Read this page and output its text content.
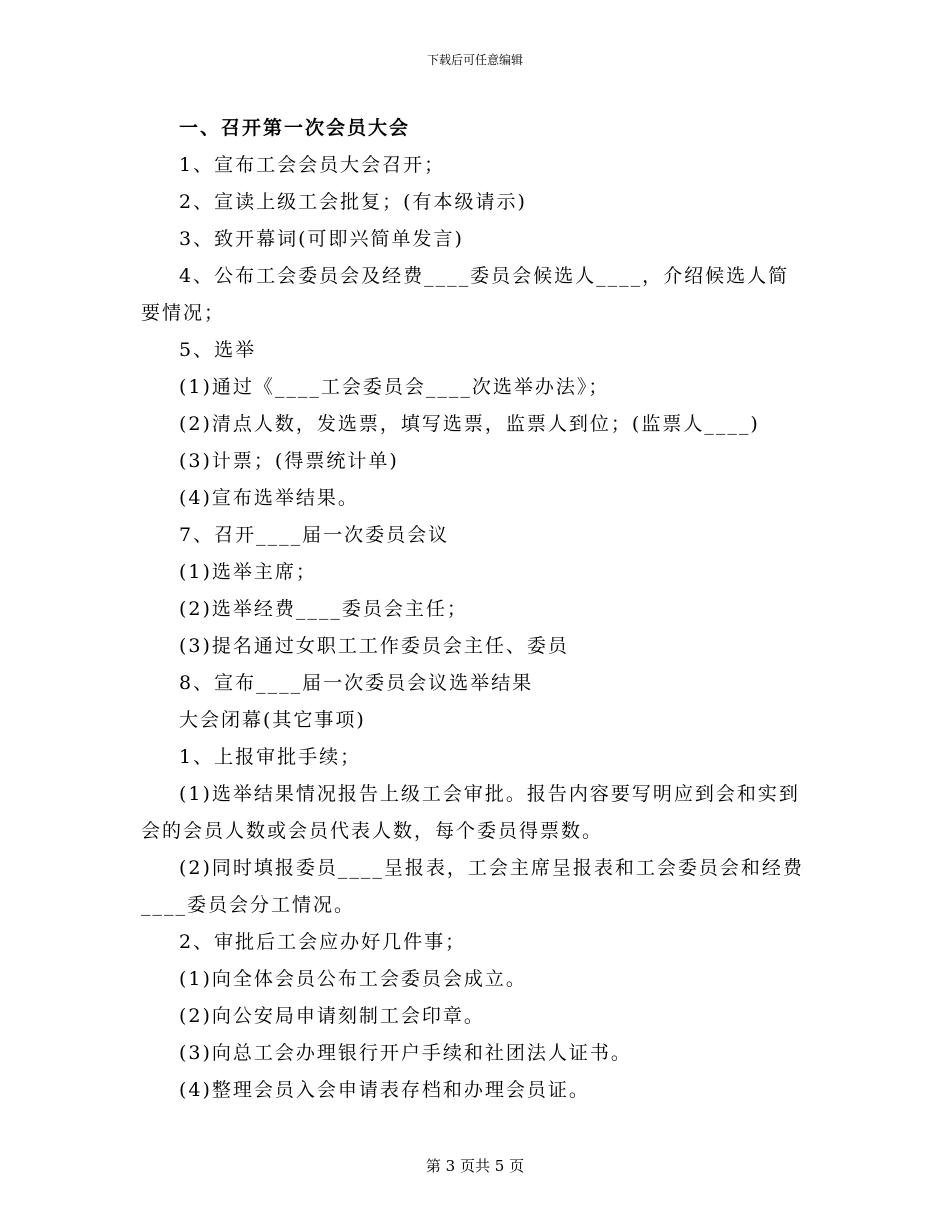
下载后可任意编辑

一、召开第一次会员大会

1、宣布工会会员大会召开；

2、宣读上级工会批复；(有本级请示)

3、致开幕词(可即兴简单发言)

4、公布工会委员会及经费____委员会候选人____，介绍候选人简要情况；

5、选举

(1)通过《____工会委员会____次选举办法》；

(2)清点人数，发选票，填写选票，监票人到位；(监票人____)

(3)计票；(得票统计单)

(4)宣布选举结果。

7、召开____届一次委员会议

(1)选举主席；

(2)选举经费____委员会主任；

(3)提名通过女职工工作委员会主任、委员

8、宣布____届一次委员会议选举结果

大会闭幕(其它事项)

1、上报审批手续；

(1)选举结果情况报告上级工会审批。报告内容要写明应到会和实到会的会员人数或会员代表人数，每个委员得票数。

(2)同时填报委员____呈报表，工会主席呈报表和工会委员会和经费____委员会分工情况。

2、审批后工会应办好几件事；

(1)向全体会员公布工会委员会成立。

(2)向公安局申请刻制工会印章。

(3)向总工会办理银行开户手续和社团法人证书。

(4)整理会员入会申请表存档和办理会员证。

第 3 页共 5 页
